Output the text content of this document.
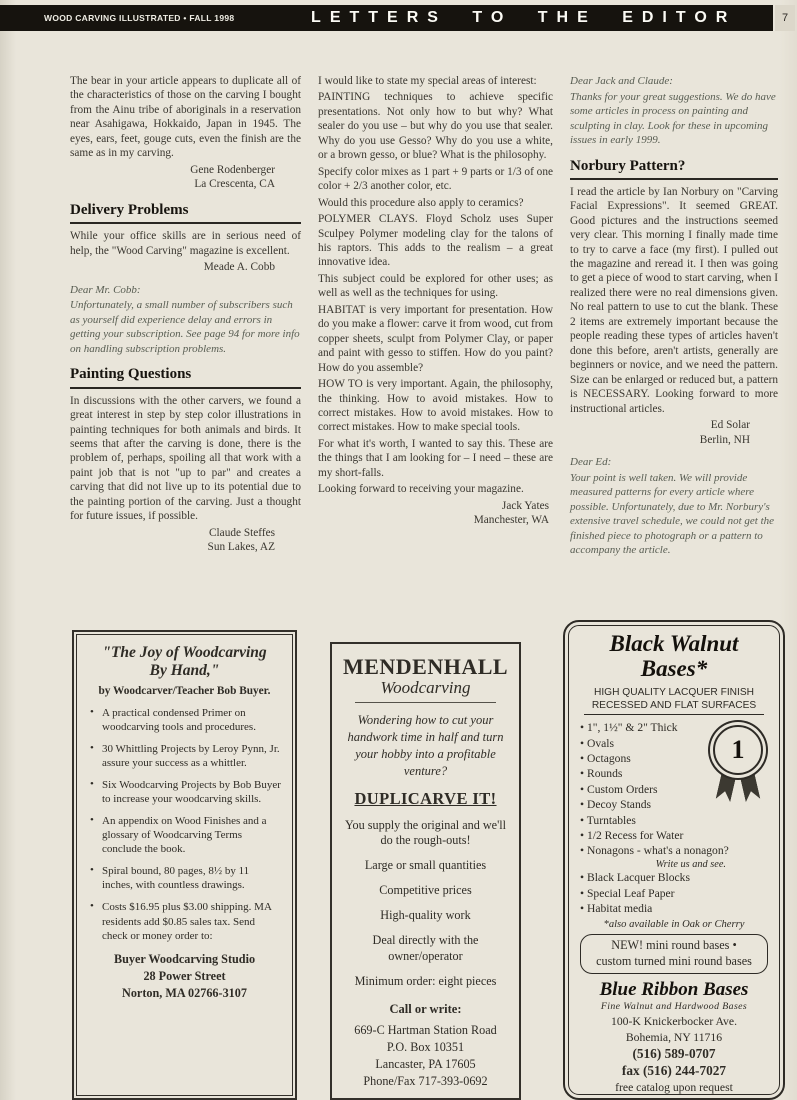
WOOD CARVING ILLUSTRATED • FALL 1998	LETTERS TO THE EDITOR	7

The bear in your article appears to duplicate all of the characteristics of those on the carving I bought from the Ainu tribe of aboriginals in a reservation near Asahigawa, Hokkaido, Japan in 1945. The eyes, ears, feet, gouge cuts, even the finish are the same as in my carving.

Gene Rodenberger
La Crescenta, CA
Delivery Problems

While your office skills are in serious need of help, the "Wood Carving" magazine is excellent.

Meade A. Cobb
Dear Mr. Cobb:
Unfortunately, a small number of subscribers such as yourself did experience delay and errors in getting your subscription. See page 94 for more info on handling subscription problems.
Painting Questions

In discussions with the other carvers, we found a great interest in step by step color illustrations in painting techniques for both animals and birds. It seems that after the carving is done, there is the problem of, perhaps, spoiling all that work with a paint job that is not "up to par" and creates a carving that did not live up to its potential due to the painting portion of the carving. Just a thought for future issues, if possible.

Claude Steffes
Sun Lakes, AZ

I would like to state my special areas of interest:

PAINTING techniques to achieve specific presentations. Not only how to but why? What sealer do you use – but why do you use that sealer. Why do you use Gesso? Why do you use a white, or a brown gesso, or blue? What is the philosophy.

Specify color mixes as 1 part + 9 parts or 1/3 of one color + 2/3 another color, etc.

Would this procedure also apply to ceramics?

POLYMER CLAYS. Floyd Scholz uses Super Sculpey Polymer modeling clay for the talons of his raptors. This adds to the realism – a great innovative idea.

This subject could be explored for other uses; as well as well as the techniques for using.

HABITAT is very important for presentation. How do you make a flower: carve it from wood, cut from copper sheets, sculpt from Polymer Clay, or paper and paint with gesso to stiffen. How do you paint? How do you assemble?

HOW TO is very important. Again, the philosophy, the thinking. How to avoid mistakes. How to correct mistakes. How to avoid mistakes. How to correct mistakes. How to make special tools.

For what it's worth, I wanted to say this. These are the things that I am looking for – I need – these are my short-falls.

Looking forward to receiving your magazine.

Jack Yates
Manchester, WA
Dear Jack and Claude:
Thanks for your great suggestions. We do have some articles in process on painting and sculpting in clay. Look for these in upcoming issues in early 1999.
Norbury Pattern?

I read the article by Ian Norbury on "Carving Facial Expressions". It seemed GREAT. Good pictures and the instructions seemed very clear. This morning I finally made time to try to carve a face (my first). I pulled out the magazine and reread it. I then was going to get a piece of wood to start carving, when I realized there were no real dimensions given. No real pattern to use to cut the blank. These 2 items are extremely important because the people reading these types of articles haven't done this before, aren't artists, generally are beginners or novice, and we need the pattern. Size can be enlarged or reduced but, a pattern is NECESSARY. Looking forward to more instructional articles.

Ed Solar
Berlin, NH
Dear Ed:
Your point is well taken. We will provide measured patterns for every article where possible. Unfortunately, due to Mr. Norbury's extensive travel schedule, we could not get the finished piece to photograph or a pattern to accompany the article.
"The Joy of Woodcarving
By Hand,"
by Woodcarver/Teacher Bob Buyer.
• A practical condensed Primer on woodcarving tools and procedures.
• 30 Whittling Projects by Leroy Pynn, Jr. assure your success as a whittler.
• Six Woodcarving Projects by Bob Buyer to increase your woodcarving skills.
• An appendix on Wood Finishes and a glossary of Woodcarving Terms conclude the book.
• Spiral bound, 80 pages, 8½ by 11 inches, with countless drawings.
• Costs $16.95 plus $3.00 shipping. MA residents add $0.85 sales tax. Send check or money order to:
Buyer Woodcarving Studio
28 Power Street
Norton, MA 02766-3107
MENDENHALL
Woodcarving
Wondering how to cut your handwork time in half and turn your hobby into a profitable venture?
DUPLICARVE IT!
You supply the original and we'll do the rough-outs!
Large or small quantities
Competitive prices
High-quality work
Deal directly with the owner/operator
Minimum order: eight pieces
Call or write:
669-C Hartman Station Road
P.O. Box 10351
Lancaster, PA 17605
Phone/Fax 717-393-0692
Black Walnut
Bases*
HIGH QUALITY LACQUER FINISH
RECESSED AND FLAT SURFACES
1
• 1", 1½" & 2" Thick
• Ovals
• Octagons
• Rounds
• Custom Orders
• Decoy Stands
• Turntables
• 1/2 Recess for Water
• Nonagons - what's a nonagon?
Write us and see.
• Black Lacquer Blocks
• Special Leaf Paper
• Habitat media
*also available in Oak or Cherry
NEW! mini round bases •
custom turned mini round bases
Blue Ribbon Bases
Fine Walnut and Hardwood Bases
100-K Knickerbocker Ave.
Bohemia, NY 11716
(516) 589-0707
fax (516) 244-7027
free catalog upon request
